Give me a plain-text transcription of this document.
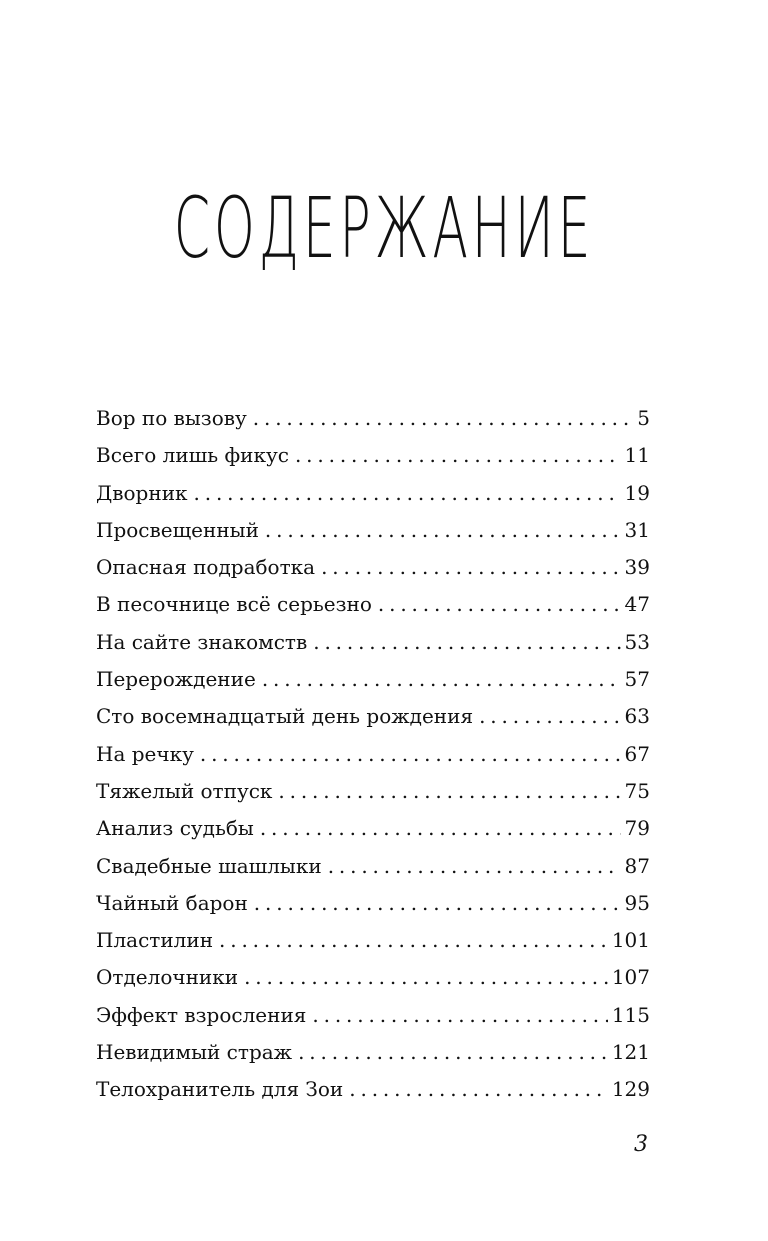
СОДЕРЖАНИЕ
Вор по вызову . . .	5
Всего лишь фикус . . .	11
Дворник . . .	19
Просвещенный . . .	31
Опасная подработка . . .	39
В песочнице всё серьезно . . .	47
На сайте знакомств . . .	53
Перерождение . . .	57
Сто восемнадцатый день рождения . . .	63
На речку . . .	67
Тяжелый отпуск . . .	75
Анализ судьбы . . .	79
Свадебные шашлыки . . .	87
Чайный барон . . .	95
Пластилин . . .	101
Отделочники . . .	107
Эффект взросления . . .	115
Невидимый страж . . .	121
Телохранитель для Зои . . .	129
3
